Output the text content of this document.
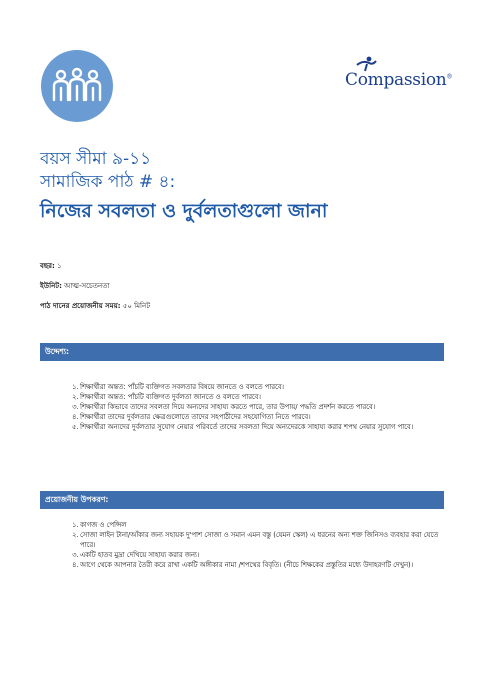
Compassion®
বয়স সীমা ৯-১১
সামাজিক পাঠ # ৪:
নিজের সবলতা ও দুর্বলতাগুলো জানা
বছর: ১
ইউনিট: আত্ম-সচেতনতা
পাঠ দানের প্রয়োজনীয় সময়: ৫০ মিনিট
উদ্দেশ্য:
১. শিক্ষার্থীরা অন্তত: পাঁচটি ব্যক্তিগত সবলতার বিষয়ে জানতে ও বলতে পারবে।
২. শিক্ষার্থীরা অন্তত: পাঁচটি ব্যক্তিগত দুর্বলতা জানতে ও বলতে পারবে।
৩. শিক্ষার্থীরা কিভাবে তাদের সবলতা দিয়ে অন্যদের সাহায্য করতে পারে, তার উপায়/ পদ্ধতি প্রদর্শন করতে পারবে।
৪. শিক্ষার্থীরা তাদের দুর্বলতার ক্ষেত্রগুলোতে তাদের সহপাঠীদের সহযোগিতা নিতে পারবে।
৫. শিক্ষার্থীরা অন্যদের দুর্বলতার সুযোগ নেয়ার পরিবর্তে তাদের সবলতা দিয়ে অন্যদেরকে সাহায্য করার শপথ নেয়ার সুযোগ পাবে।
প্রয়োজনীয় উপকরণ:
১. কাগজ ও পেন্সিল
২. সোজা লাইন টানা/আঁকার জন্য সহায়ক দু'পাশ সোজা ও সমান এমন বস্তু (যেমন স্কেল) এ ধরনের অন্য শক্ত জিনিসও ব্যবহার করা যেতে পারে।
৩. একটি হাতব মুদ্রা দেখিয়ে সাহায্য করার জন্য।
৪. আগে থেকে আপনার তৈরী করে রাখা একটি অঙ্গীকার নামা /শপথের বিবৃতি। (নীচে শিক্ষকের প্রস্তুতির মধ্যে উদাহরণটি দেখুন)।
